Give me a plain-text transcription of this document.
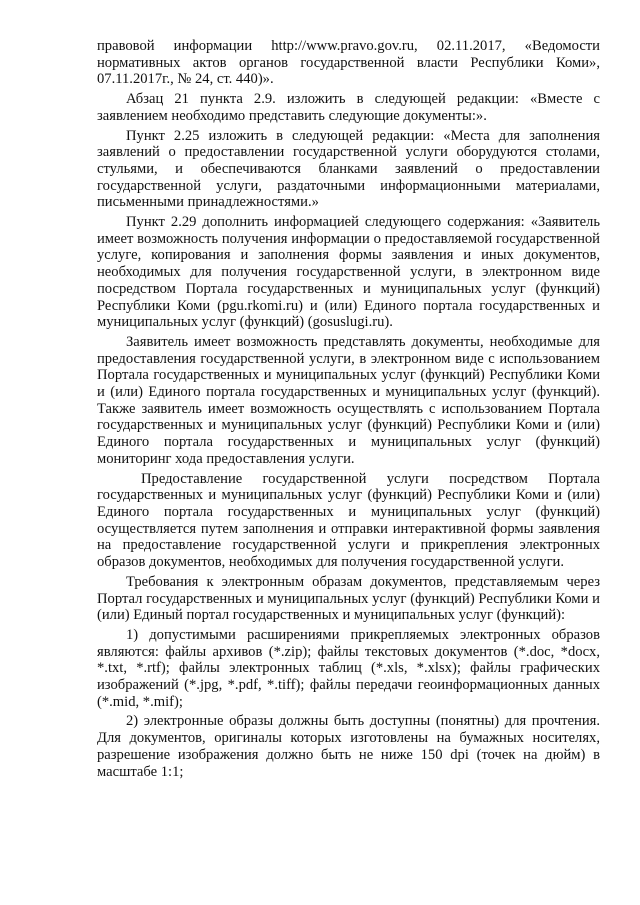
правовой информации http://www.pravo.gov.ru, 02.11.2017, «Ведомости нормативных актов органов государственной власти Республики Коми», 07.11.2017г., № 24, ст. 440)».

Абзац 21 пункта 2.9. изложить в следующей редакции: «Вместе с заявлением необходимо представить следующие документы:».

Пункт 2.25 изложить в следующей редакции: «Места для заполнения заявлений о предоставлении государственной услуги оборудуются столами, стульями, и обеспечиваются бланками заявлений о предоставлении государственной услуги, раздаточными информационными материалами, письменными принадлежностями.»

Пункт 2.29 дополнить информацией следующего содержания: «Заявитель имеет возможность получения информации о предоставляемой государственной услуге, копирования и заполнения формы заявления и иных документов, необходимых для получения государственной услуги, в электронном виде посредством Портала государственных и муниципальных услуг (функций) Республики Коми (pgu.rkomi.ru) и (или) Единого портала государственных и муниципальных услуг (функций) (gosuslugi.ru).

Заявитель имеет возможность представлять документы, необходимые для предоставления государственной услуги, в электронном виде с использованием Портала государственных и муниципальных услуг (функций) Республики Коми и (или) Единого портала государственных и муниципальных услуг (функций). Также заявитель имеет возможность осуществлять с использованием Портала государственных и муниципальных услуг (функций) Республики Коми и (или) Единого портала государственных и муниципальных услуг (функций) мониторинг хода предоставления услуги.

Предоставление государственной услуги посредством Портала государственных и муниципальных услуг (функций) Республики Коми и (или) Единого портала государственных и муниципальных услуг (функций) осуществляется путем заполнения и отправки интерактивной формы заявления на предоставление государственной услуги и прикрепления электронных образов документов, необходимых для получения государственной услуги.

Требования к электронным образам документов, представляемым через Портал государственных и муниципальных услуг (функций) Республики Коми и (или) Единый портал государственных и муниципальных услуг (функций):

1) допустимыми расширениями прикрепляемых электронных образов являются: файлы архивов (*.zip); файлы текстовых документов (*.doc, *docx, *.txt, *.rtf); файлы электронных таблиц (*.xls, *.xlsx); файлы графических изображений (*.jpg, *.pdf, *.tiff); файлы передачи геоинформационных данных (*.mid, *.mif);

2) электронные образы должны быть доступны (понятны) для прочтения. Для документов, оригиналы которых изготовлены на бумажных носителях, разрешение изображения должно быть не ниже 150 dpi (точек на дюйм) в масштабе 1:1;
